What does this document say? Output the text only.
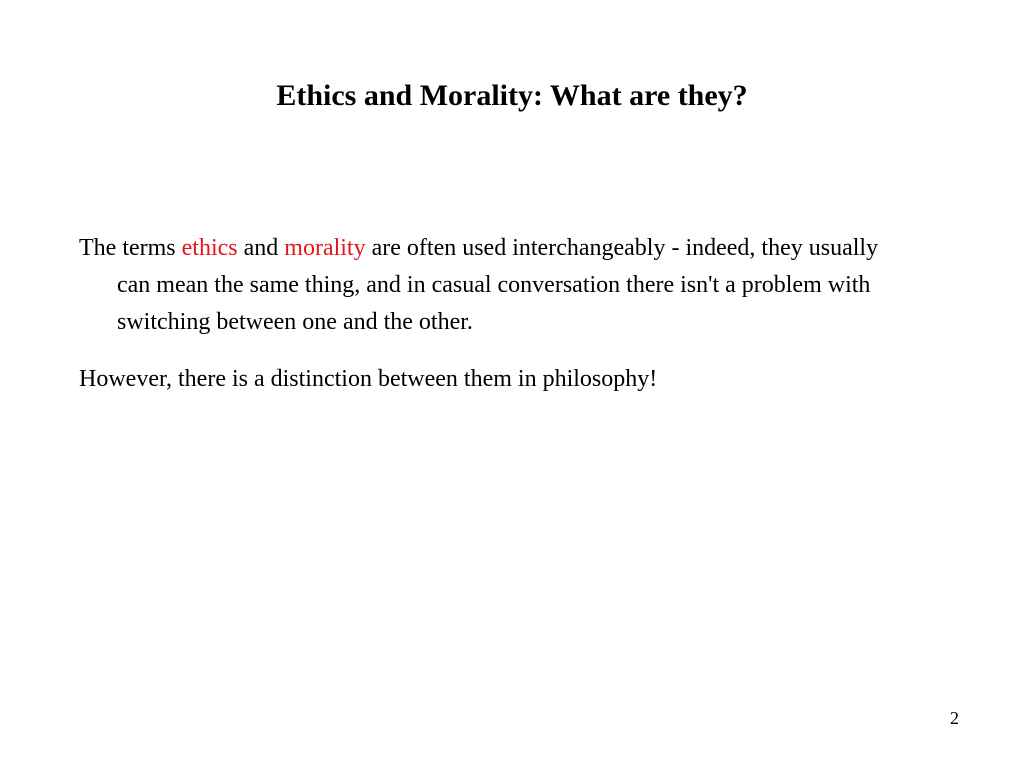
Ethics and Morality: What are they?

The terms ethics and morality are often used interchangeably - indeed, they usually can mean the same thing, and in casual conversation there isn't a problem with switching between one and the other.

However, there is a distinction between them in philosophy!

2
